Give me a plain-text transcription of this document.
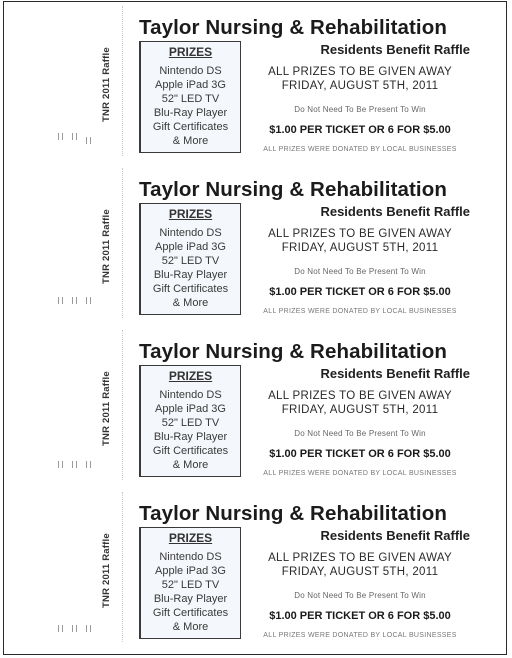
TNR 2011 Raffle
Taylor Nursing & Rehabilitation
PRIZES
Nintendo DS
Apple iPad 3G
52" LED TV
Blu-Ray Player
Gift Certificates
& More
Residents Benefit Raffle
ALL PRIZES TO BE GIVEN AWAY
FRIDAY, AUGUST 5TH, 2011
Do Not Need To Be Present To Win
$1.00 PER TICKET OR 6 FOR $5.00
ALL PRIZES WERE DONATED BY LOCAL BUSINESSES
TNR 2011 Raffle
Taylor Nursing & Rehabilitation
PRIZES
Nintendo DS
Apple iPad 3G
52" LED TV
Blu-Ray Player
Gift Certificates
& More
Residents Benefit Raffle
ALL PRIZES TO BE GIVEN AWAY
FRIDAY, AUGUST 5TH, 2011
Do Not Need To Be Present To Win
$1.00 PER TICKET OR 6 FOR $5.00
ALL PRIZES WERE DONATED BY LOCAL BUSINESSES
TNR 2011 Raffle
Taylor Nursing & Rehabilitation
PRIZES
Nintendo DS
Apple iPad 3G
52" LED TV
Blu-Ray Player
Gift Certificates
& More
Residents Benefit Raffle
ALL PRIZES TO BE GIVEN AWAY
FRIDAY, AUGUST 5TH, 2011
Do Not Need To Be Present To Win
$1.00 PER TICKET OR 6 FOR $5.00
ALL PRIZES WERE DONATED BY LOCAL BUSINESSES
TNR 2011 Raffle
Taylor Nursing & Rehabilitation
PRIZES
Nintendo DS
Apple iPad 3G
52" LED TV
Blu-Ray Player
Gift Certificates
& More
Residents Benefit Raffle
ALL PRIZES TO BE GIVEN AWAY
FRIDAY, AUGUST 5TH, 2011
Do Not Need To Be Present To Win
$1.00 PER TICKET OR 6 FOR $5.00
ALL PRIZES WERE DONATED BY LOCAL BUSINESSES
